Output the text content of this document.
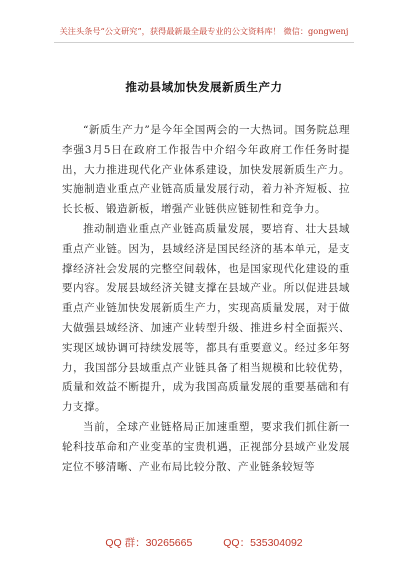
关注头条号“公文研究”，获得最新最全最专业的公文资料库！ 微信：gongwenj
推动县域加快发展新质生产力

“新质生产力”是今年全国两会的一大热词。国务院总理李强3月5日在政府工作报告中介绍今年政府工作任务时提出，大力推进现代化产业体系建设，加快发展新质生产力。实施制造业重点产业链高质量发展行动，着力补齐短板、拉长长板、锻造新板，增强产业链供应链韧性和竞争力。

推动制造业重点产业链高质量发展，要培育、壮大县域重点产业链。因为，县域经济是国民经济的基本单元，是支撑经济社会发展的完整空间载体，也是国家现代化建设的重要内容。发展县域经济关键支撑在县域产业。所以促进县域重点产业链加快发展新质生产力，实现高质量发展，对于做大做强县域经济、加速产业转型升级、推进乡村全面振兴、实现区域协调可持续发展等，都具有重要意义。经过多年努力，我国部分县域重点产业链具备了相当规模和比较优势，质量和效益不断提升，成为我国高质量发展的重要基础和有力支撑。

当前，全球产业链格局正加速重塑，要求我们抓住新一轮科技革命和产业变革的宝贵机遇，正视部分县域产业发展定位不够清晰、产业布局比较分散、产业链条较短等

QQ 群：30265665	QQ：535304092
